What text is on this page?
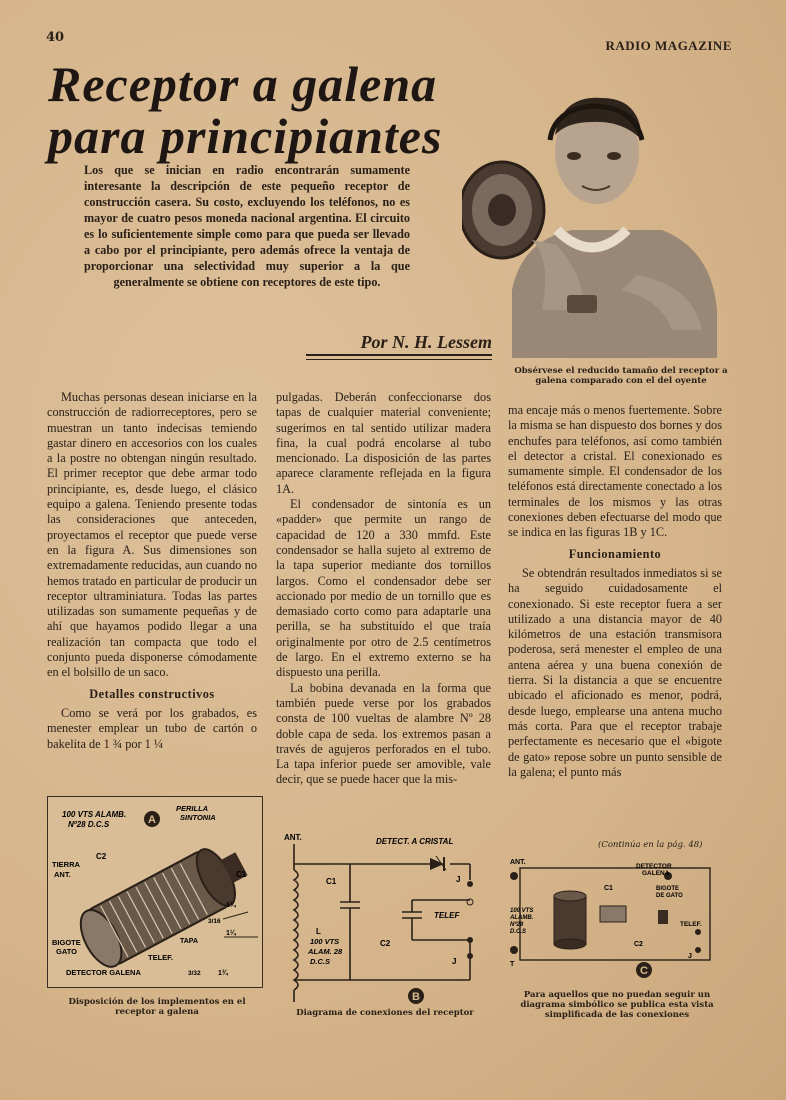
40
RADIO MAGAZINE
Receptor a galena
para principiantes
Los que se inician en radio encontrarán sumamente interesante la descripción de este pequeño receptor de construcción casera. Su costo, excluyendo los teléfonos, no es mayor de cuatro pesos moneda nacional argentina. El circuito es lo suficientemente simple como para que pueda ser llevado a cabo por el principiante, pero además ofrece la ventaja de proporcionar una selectividad muy superior a la que generalmente se obtiene con receptores de este tipo.
Por N. H. Lessem
Obsérvese el reducido tamaño del receptor a galena comparado con el del oyente

Muchas personas desean iniciarse en la construcción de radiorreceptores, pero se muestran un tanto indecisas temiendo gastar dinero en accesorios con los cuales a la postre no obtengan ningún resultado. El primer receptor que debe armar todo principiante, es, desde luego, el clásico equipo a galena. Teniendo presente todas las consideraciones que anteceden, proyectamos el receptor que puede verse en la figura A. Sus dimensiones son extremadamente reducidas, aun cuando no hemos tratado en particular de producir un receptor ultraminiatura. Todas las partes utilizadas son sumamente pequeñas y de ahí que hayamos podido llegar a una realización tan compacta que todo el conjunto pueda disponerse cómodamente en el bolsillo de un saco.

Detalles constructivos

Como se verá por los grabados, es menester emplear un tubo de cartón o bakelita de 1 ¾ por 1 ¼

pulgadas. Deberán confeccionarse dos tapas de cualquier material conveniente; sugerimos en tal sentido utilizar madera fina, la cual podrá encolarse al tubo mencionado. La disposición de las partes aparece claramente reflejada en la figura 1A.

El condensador de sintonía es un «padder» que permite un rango de capacidad de 120 a 330 mmfd. Este condensador se halla sujeto al extremo de la tapa superior mediante dos tornillos largos. Como el condensador debe ser accionado por medio de un tornillo que es demasiado corto como para adaptarle una perilla, se ha substituído el que traía originalmente por otro de 2.5 centímetros de largo. En el extremo externo se ha dispuesto una perilla.

La bobina devanada en la forma que también puede verse por los grabados consta de 100 vueltas de alambre Nº 28 doble capa de seda. los extremos pasan a través de agujeros perforados en el tubo. La tapa inferior puede ser amovible, vale decir, que se puede hacer que la mis-

ma encaje más o menos fuertemente. Sobre la misma se han dispuesto dos bornes y dos enchufes para teléfonos, así como también el detector a cristal. El conexionado es sumamente simple. El condensador de los teléfonos está directamente conectado a los terminales de los mismos y las otras conexiones deben efectuarse del modo que se indica en las figuras 1B y 1C.

Funcionamiento

Se obtendrán resultados inmediatos si se ha seguido cuidadosamente el conexionado. Si este receptor fuera a ser utilizado a una distancia mayor de 40 kilómetros de una estación transmisora poderosa, será menester el empleo de una antena aérea y una buena conexión de tierra. Si la distancia a que se encuentre ubicado el aficionado es menor, podrá, desde luego, emplearse una antena mucho más corta. Para que el receptor trabaje perfectamente es necesario que el «bigote de gato» repose sobre un punto sensible de la galena; el punto más

(Continúa en la pág. 48)
100 VTS ALAMB.
Nº28 D.C.S	A
PERILLA
SINTONIA
C2
C1
TIERRA
ANT.
BIGOTE
GATO
TELEF.
TAPA
DETECTOR GALENA
1¾
1¼
3/16
3/32 1¾
Disposición de los implementos en el receptor a galena
ANT.	DETECT. A CRISTAL
C1
C2
L
100 VTS
ALAM. 28
D.C.S
TELEF
J
J
B
Diagrama de conexiones del receptor
C
ANT.
DETECTOR
GALENA
BIGOTE
DE GATO
100 VTS
ALAMB.
Nº28
D.C.S
C1
C2
TELEF.
J
T
Para aquellos que no puedan seguir un diagrama simbólico se publica esta vista simplificada de las conexiones
